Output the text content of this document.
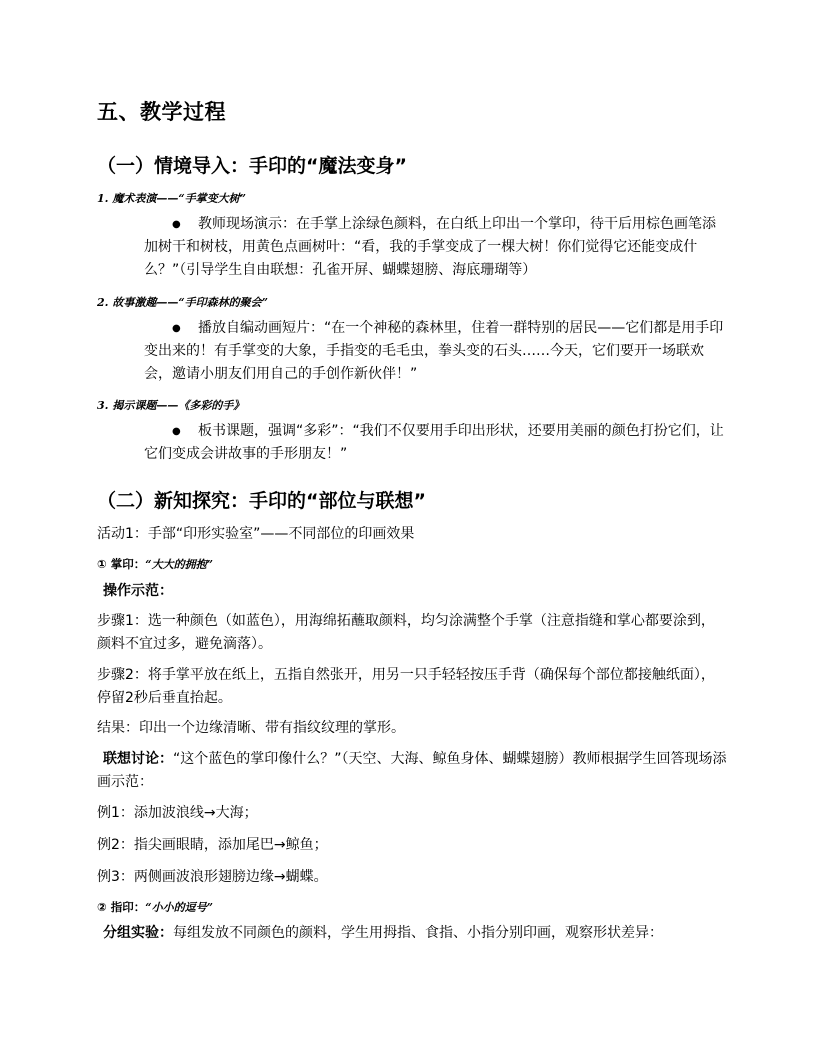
五、教学过程
（一）情境导入：手印的“魔法变身”
1. 魔术表演——“手掌变大树”
● 教师现场演示：在手掌上涂绿色颜料，在白纸上印出一个掌印，待干后用棕色画笔添加树干和树枝，用黄色点画树叶：“看，我的手掌变成了一棵大树！你们觉得它还能变成什么？”（引导学生自由联想：孔雀开屏、蝴蝶翅膀、海底珊瑚等）
2. 故事激趣——“手印森林的聚会”
● 播放自编动画短片：“在一个神秘的森林里，住着一群特别的居民——它们都是用手印变出来的！有手掌变的大象，手指变的毛毛虫，拳头变的石头……今天，它们要开一场联欢会，邀请小朋友们用自己的手创作新伙伴！”
3. 揭示课题——《多彩的手》
● 板书课题，强调“多彩”：“我们不仅要用手印出形状，还要用美丽的颜色打扮它们，让它们变成会讲故事的手形朋友！”
（二）新知探究：手印的“部位与联想”
活动1：手部“印形实验室”——不同部位的印画效果
① 掌印：“大大的拥抱”
操作示范：
步骤1：选一种颜色（如蓝色），用海绵拓蘸取颜料，均匀涂满整个手掌（注意指缝和掌心都要涂到，颜料不宜过多，避免滴落）。
步骤2：将手掌平放在纸上，五指自然张开，用另一只手轻轻按压手背（确保每个部位都接触纸面），停留2秒后垂直抬起。
结果：印出一个边缘清晰、带有指纹纹理的掌形。
联想讨论：“这个蓝色的掌印像什么？”（天空、大海、鲸鱼身体、蝴蝶翅膀）教师根据学生回答现场添画示范：
例1：添加波浪线→大海；
例2：指尖画眼睛，添加尾巴→鲸鱼；
例3：两侧画波浪形翅膀边缘→蝴蝶。
② 指印：“小小的逗号”
分组实验：每组发放不同颜色的颜料，学生用拇指、食指、小指分别印画，观察形状差异：
